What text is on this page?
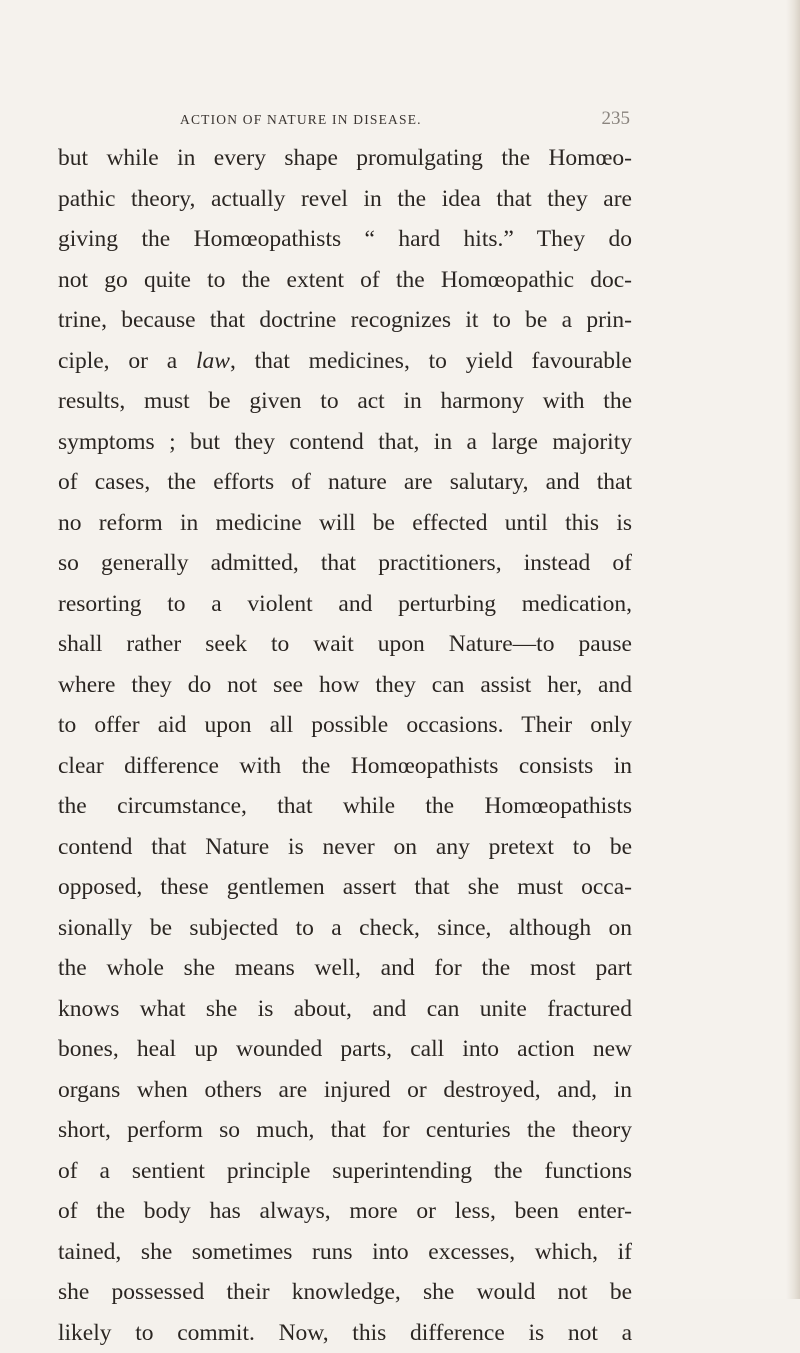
ACTION OF NATURE IN DISEASE.	235
but while in every shape promulgating the Homœo-
pathic theory, actually revel in the idea that they are
giving the Homœopathists “ hard hits.” They do
not go quite to the extent of the Homœopathic doc-
trine, because that doctrine recognizes it to be a prin-
ciple, or a law, that medicines, to yield favourable
results, must be given to act in harmony with the
symptoms ; but they contend that, in a large majority
of cases, the efforts of nature are salutary, and that
no reform in medicine will be effected until this is
so generally admitted, that practitioners, instead of
resorting to a violent and perturbing medication,
shall rather seek to wait upon Nature—to pause
where they do not see how they can assist her, and
to offer aid upon all possible occasions. Their only
clear difference with the Homœopathists consists in
the circumstance, that while the Homœopathists
contend that Nature is never on any pretext to be
opposed, these gentlemen assert that she must occa-
sionally be subjected to a check, since, although on
the whole she means well, and for the most part
knows what she is about, and can unite fractured
bones, heal up wounded parts, call into action new
organs when others are injured or destroyed, and, in
short, perform so much, that for centuries the theory
of a sentient principle superintending the functions
of the body has always, more or less, been enter-
tained, she sometimes runs into excesses, which, if
she possessed their knowledge, she would not be
likely to commit. Now, this difference is not a
